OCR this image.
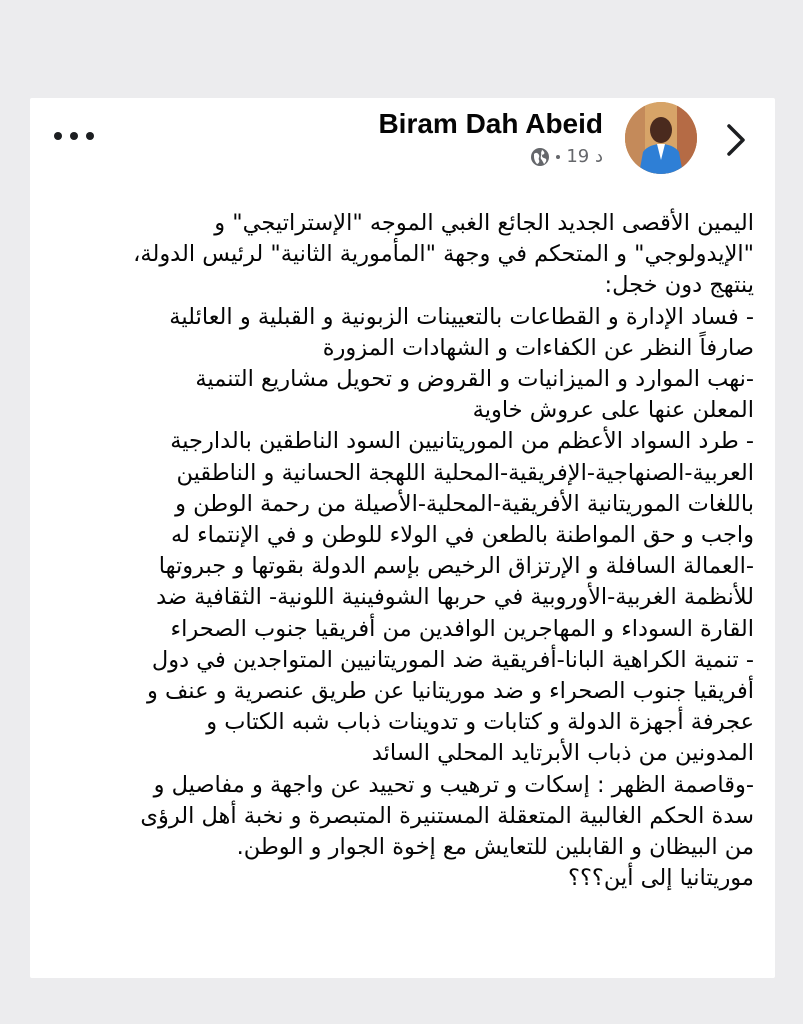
Biram Dah Abeid
19 د
اليمين الأقصى الجديد الجائع الغبي الموجه "الإستراتيجي" و
"الإيدولوجي" و المتحكم في وجهة "المأمورية الثانية" لرئيس الدولة،
ينتهج دون خجل:
- فساد الإدارة و القطاعات بالتعيينات الزبونية و القبلية و العائلية
صارفاً النظر عن الكفاءات و الشهادات المزورة
-نهب الموارد و الميزانيات و القروض و تحويل مشاريع التنمية
المعلن عنها على عروش خاوية
- طرد السواد الأعظم من الموريتانيين السود الناطقين بالدارجية
العربية-الصنهاجية-الإفريقية-المحلية اللهجة الحسانية و الناطقين
باللغات الموريتانية الأفريقية-المحلية-الأصيلة من رحمة الوطن و
واجب و حق المواطنة بالطعن في الولاء للوطن و في الإنتماء له
-العمالة السافلة و الإرتزاق الرخيص بإسم الدولة بقوتها و جبروتها
للأنظمة الغربية-الأوروبية في حربها الشوفينية اللونية- الثقافية ضد
القارة السوداء و المهاجرين الوافدين من أفريقيا جنوب الصحراء
- تنمية الكراهية البانا-أفريقية ضد الموريتانيين المتواجدين في دول
أفريقيا جنوب الصحراء و ضد موريتانيا عن طريق عنصرية و عنف و
عجرفة أجهزة الدولة و كتابات و تدوينات ذباب شبه الكتاب و
المدونين من ذباب الأبرتايد المحلي السائد
-وقاصمة الظهر : إسكات و ترهيب و تحييد عن واجهة و مفاصيل و
سدة الحكم الغالبية المتعقلة المستنيرة المتبصرة و نخبة أهل الرؤى
من البيظان و القابلين للتعايش مع إخوة الجوار و الوطن.
موريتانيا إلى أين؟؟؟
